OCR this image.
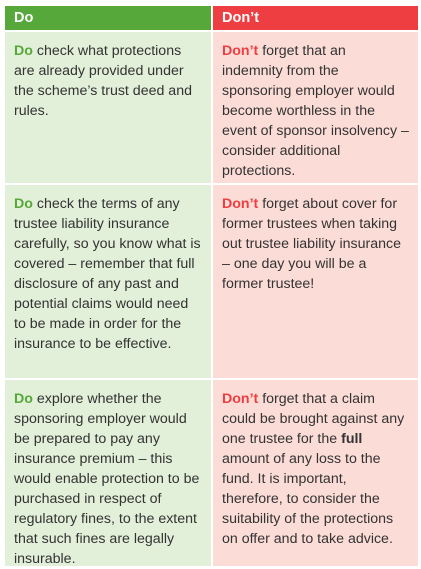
Do	Don’t
Do check what protections are already provided under the scheme’s trust deed and rules.
Don’t forget that an indemnity from the sponsoring employer would become worthless in the event of sponsor insolvency – consider additional protections.
Do check the terms of any trustee liability insurance carefully, so you know what is covered – remember that full disclosure of any past and potential claims would need to be made in order for the insurance to be effective.
Don’t forget about cover for former trustees when taking out trustee liability insurance – one day you will be a former trustee!
Do explore whether the sponsoring employer would be prepared to pay any insurance premium – this would enable protection to be purchased in respect of regulatory fines, to the extent that such fines are legally insurable.
Don’t forget that a claim could be brought against any one trustee for the full amount of any loss to the fund. It is important, therefore, to consider the suitability of the protections on offer and to take advice.
